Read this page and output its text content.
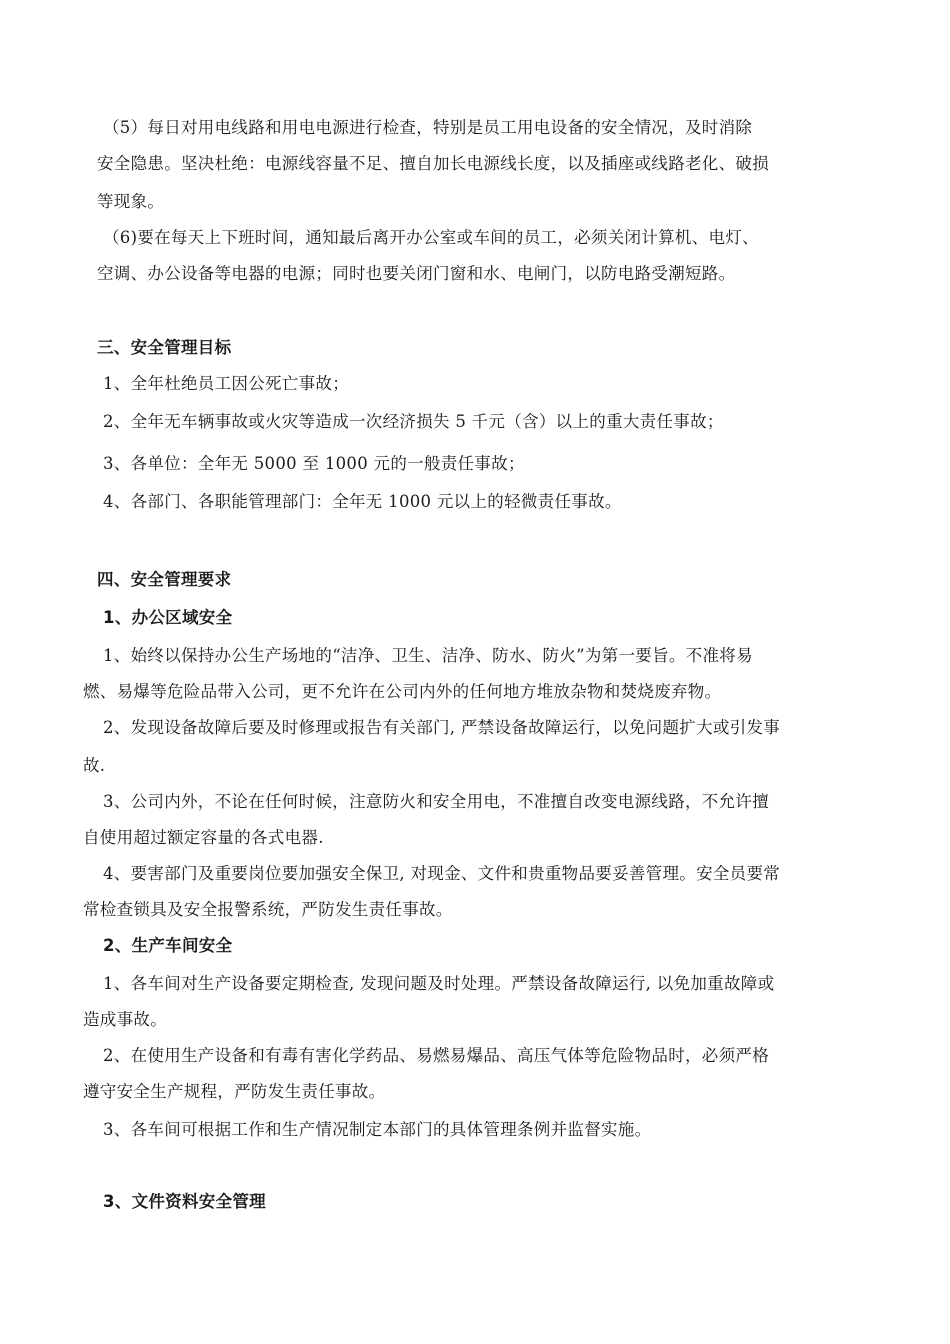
（5）每日对用电线路和用电电源进行检查，特别是员工用电设备的安全情况，及时消除
安全隐患。坚决杜绝：电源线容量不足、擅自加长电源线长度，以及插座或线路老化、破损
等现象。
（6)要在每天上下班时间，通知最后离开办公室或车间的员工，必须关闭计算机、电灯、
空调、办公设备等电器的电源；同时也要关闭门窗和水、电闸门，以防电路受潮短路。
三、安全管理目标
1、全年杜绝员工因公死亡事故；
2、全年无车辆事故或火灾等造成一次经济损失 5 千元（含）以上的重大责任事故；
3、各单位：全年无 5000 至 1000 元的一般责任事故；
4、各部门、各职能管理部门：全年无 1000 元以上的轻微责任事故。
四、安全管理要求
1、办公区域安全
1、始终以保持办公生产场地的“洁净、卫生、洁净、防水、防火”为第一要旨。不准将易
燃、易爆等危险品带入公司，更不允许在公司内外的任何地方堆放杂物和焚烧废弃物。
2、发现设备故障后要及时修理或报告有关部门, 严禁设备故障运行，以免问题扩大或引发事
故.
3、公司内外，不论在任何时候，注意防火和安全用电，不准擅自改变电源线路，不允许擅
自使用超过额定容量的各式电器.
4、要害部门及重要岗位要加强安全保卫, 对现金、文件和贵重物品要妥善管理。安全员要常
常检查锁具及安全报警系统，严防发生责任事故。
2、生产车间安全
1、各车间对生产设备要定期检查, 发现问题及时处理。严禁设备故障运行, 以免加重故障或
造成事故。
2、在使用生产设备和有毒有害化学药品、易燃易爆品、高压气体等危险物品时，必须严格
遵守安全生产规程，严防发生责任事故。
3、各车间可根据工作和生产情况制定本部门的具体管理条例并监督实施。
3、文件资料安全管理
